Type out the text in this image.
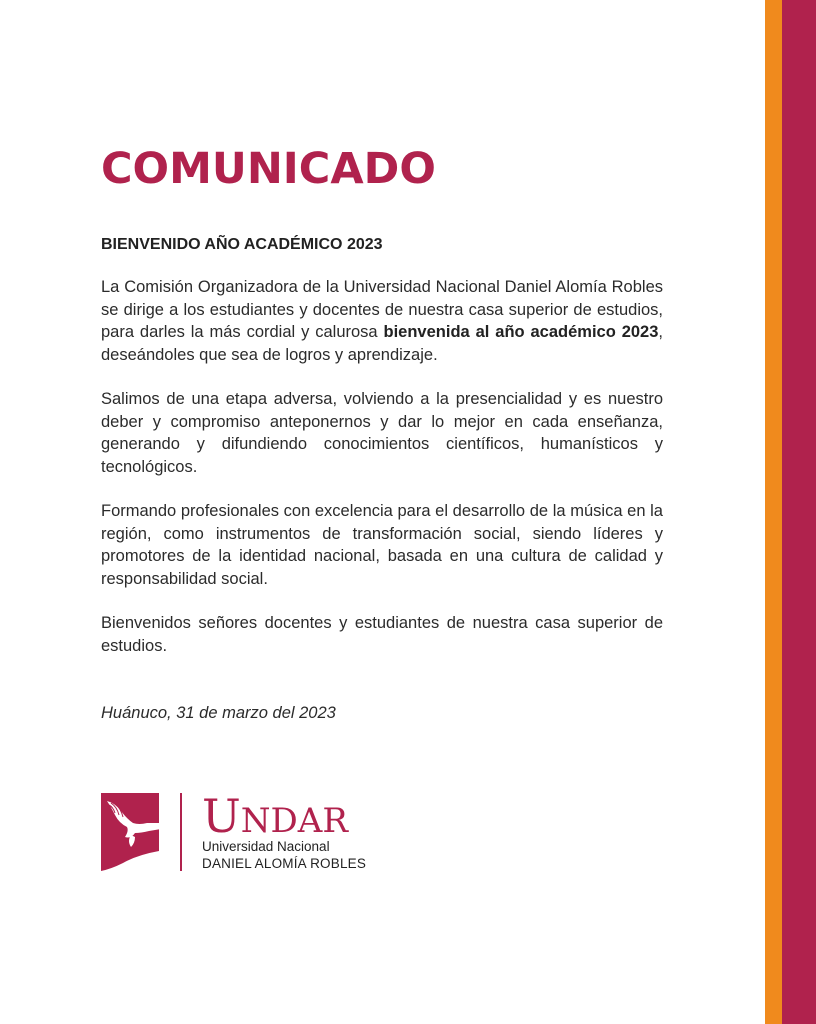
COMUNICADO
BIENVENIDO AÑO ACADÉMICO 2023

La Comisión Organizadora de la Universidad Nacional Daniel Alomía Robles se dirige a los estudiantes y docentes de nuestra casa superior de estudios, para darles la más cordial y calurosa bienvenida al año académico 2023, deseándoles que sea de logros y aprendizaje.

Salimos de una etapa adversa, volviendo a la presencialidad y es nuestro deber y compromiso anteponernos y dar lo mejor en cada enseñanza, generando y difundiendo conocimientos científicos, humanísticos y tecnológicos.

Formando profesionales con excelencia para el desarrollo de la música en la región, como instrumentos de transformación social, siendo líderes y promotores de la identidad nacional, basada en una cultura de calidad y responsabilidad social.

Bienvenidos señores docentes y estudiantes de nuestra casa superior de estudios.

Huánuco, 31 de marzo del 2023
UNDAR
Universidad Nacional
DANIEL ALOMÍA ROBLES
